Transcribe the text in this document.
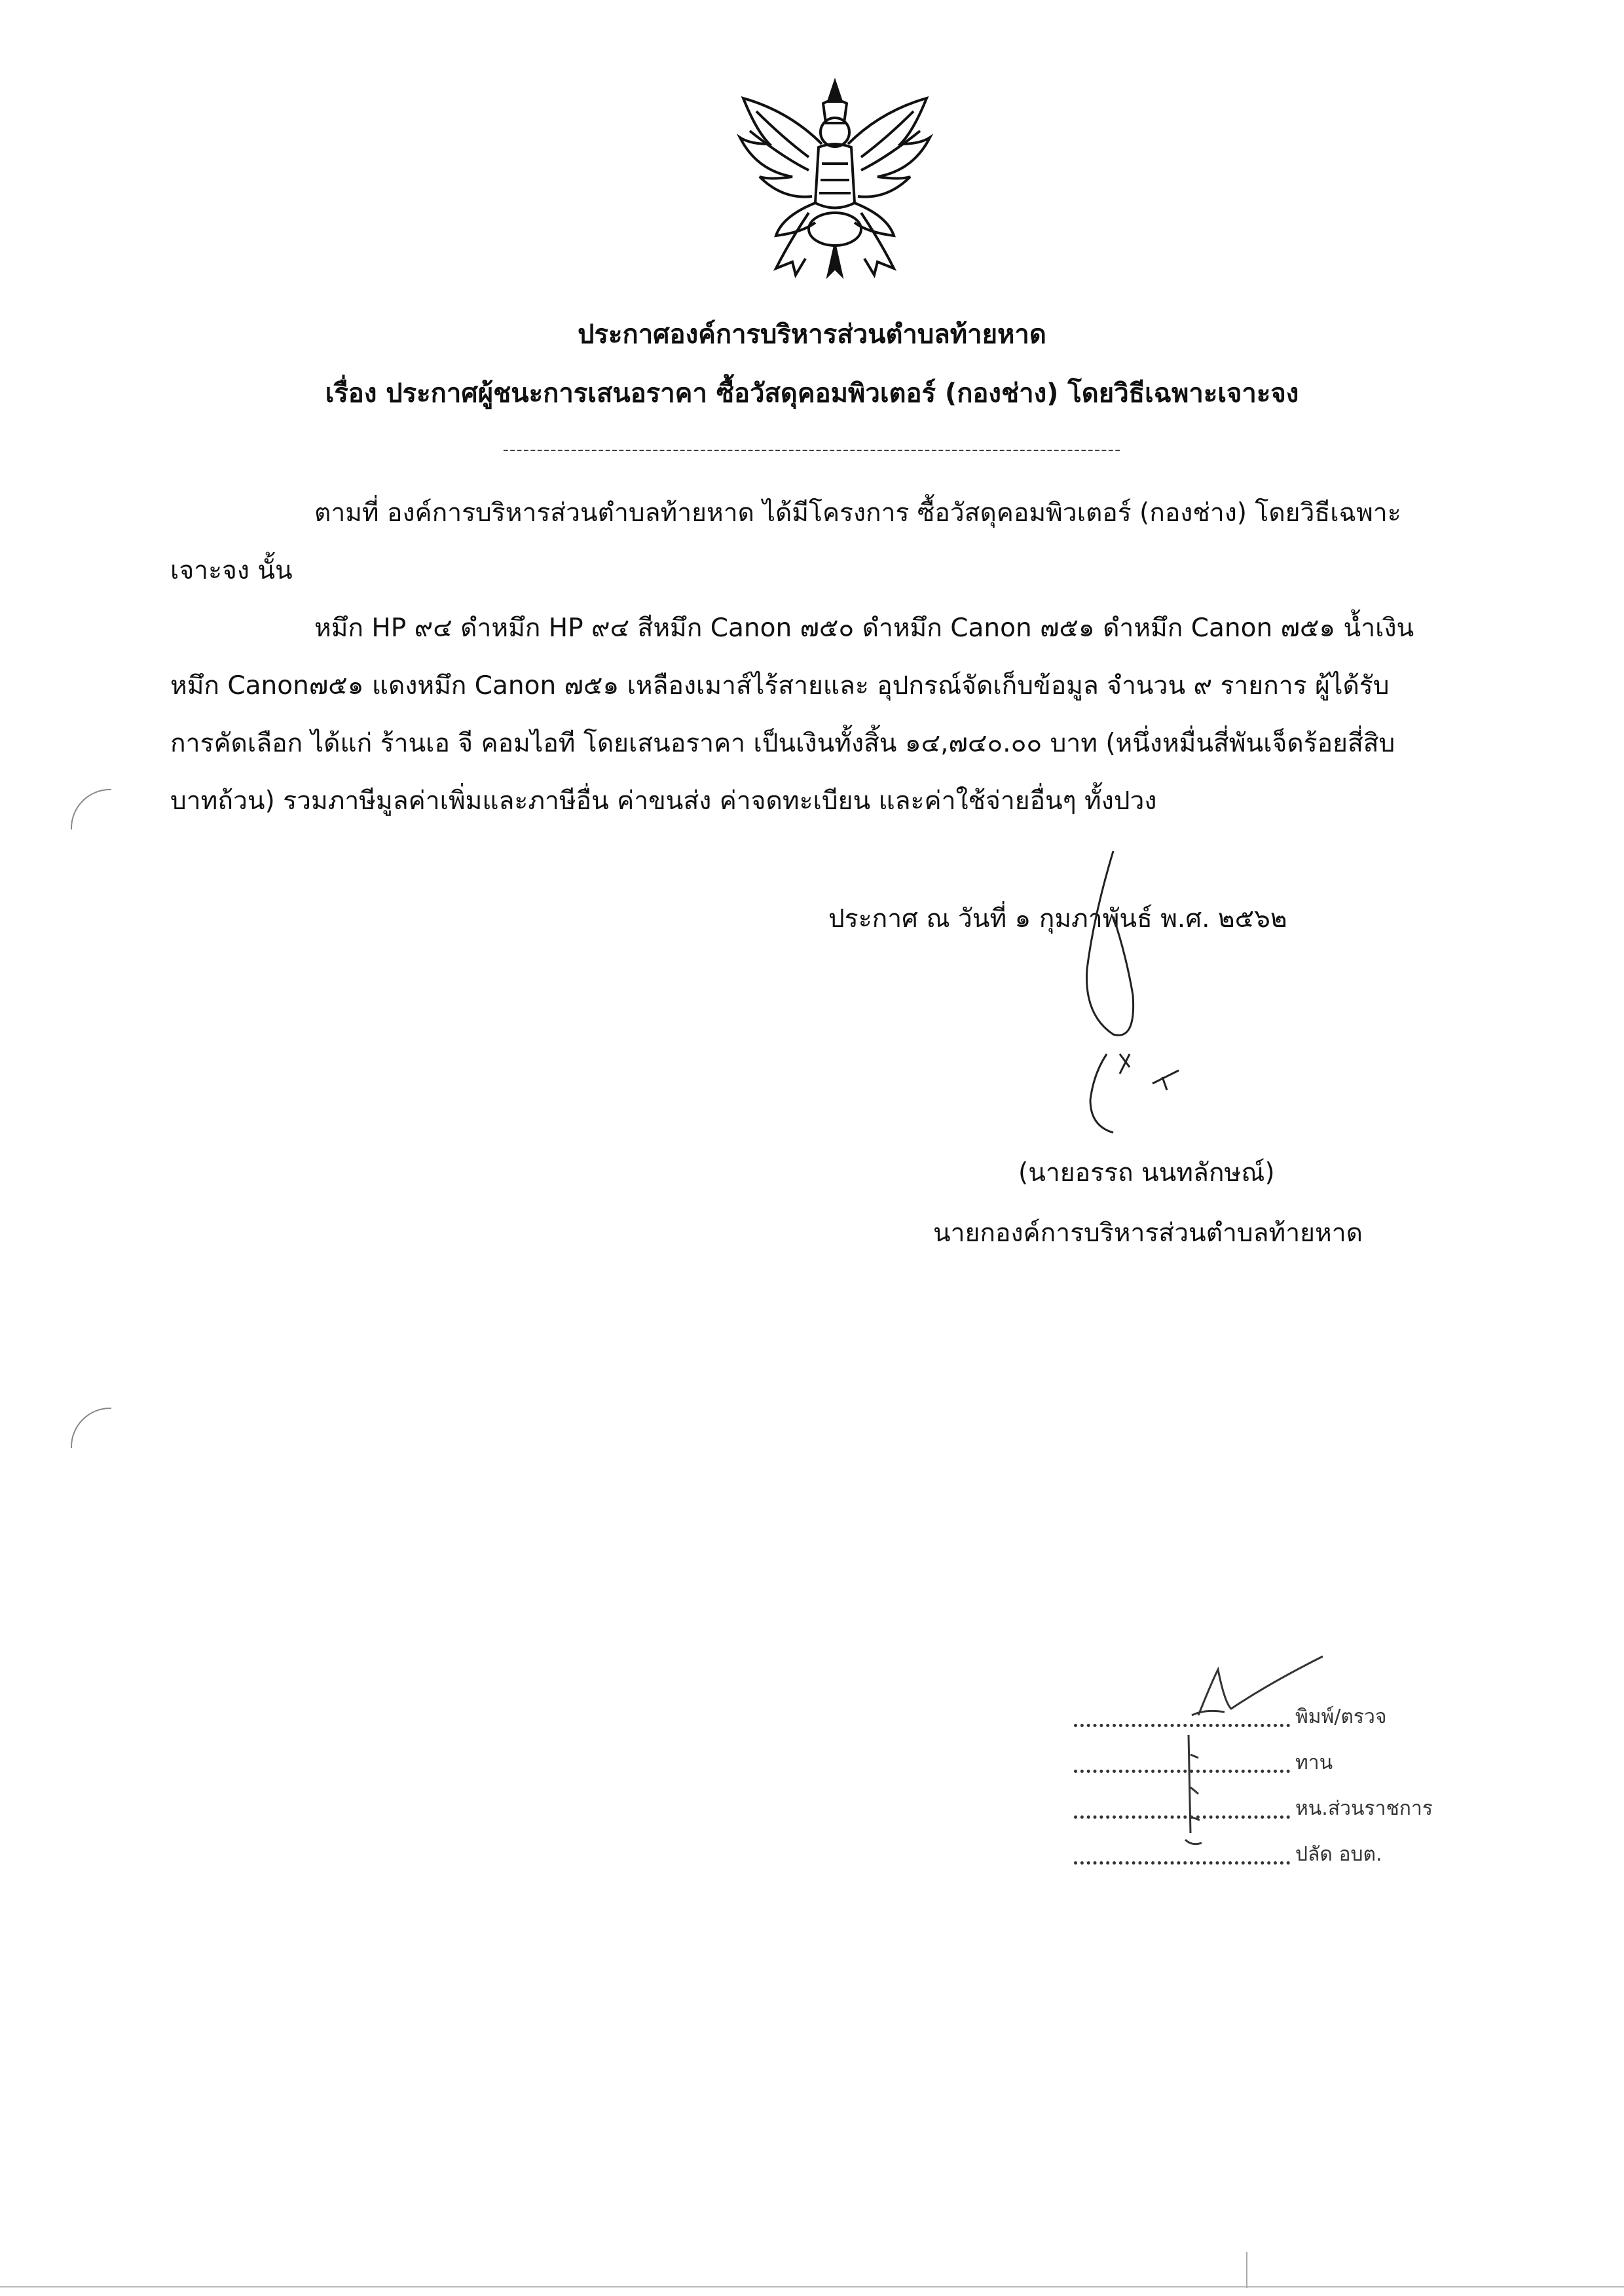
ประกาศองค์การบริหารส่วนตำบลท้ายหาด
เรื่อง ประกาศผู้ชนะการเสนอราคา ซื้อวัสดุคอมพิวเตอร์ (กองช่าง) โดยวิธีเฉพาะเจาะจง
-------------------------------------------------------------------------------------------
ตามที่ องค์การบริหารส่วนตำบลท้ายหาด ได้มีโครงการ ซื้อวัสดุคอมพิวเตอร์ (กองช่าง) โดยวิธีเฉพาะ
เจาะจง นั้น
หมึก HP ๙๔ ดำหมึก HP ๙๔ สีหมึก Canon ๗๕๐ ดำหมึก Canon ๗๕๑ ดำหมึก Canon ๗๕๑ น้ำเงิน
หมึก Canon๗๕๑ แดงหมึก Canon ๗๕๑ เหลืองเมาส์ไร้สายและ อุปกรณ์จัดเก็บข้อมูล จำนวน ๙ รายการ ผู้ได้รับ
การคัดเลือก ได้แก่ ร้านเอ จี คอมไอที โดยเสนอราคา เป็นเงินทั้งสิ้น ๑๔,๗๔๐.๐๐ บาท (หนึ่งหมื่นสี่พันเจ็ดร้อยสี่สิบ
บาทถ้วน) รวมภาษีมูลค่าเพิ่มและภาษีอื่น ค่าขนส่ง ค่าจดทะเบียน และค่าใช้จ่ายอื่นๆ ทั้งปวง
ประกาศ ณ วันที่ ๑ กุมภาพันธ์ พ.ศ. ๒๕๖๒
(นายอรรถ นนทลักษณ์)
นายกองค์การบริหารส่วนตำบลท้ายหาด
พิมพ์/ตรวจ
ทาน
หน.ส่วนราชการ
ปลัด อบต.
